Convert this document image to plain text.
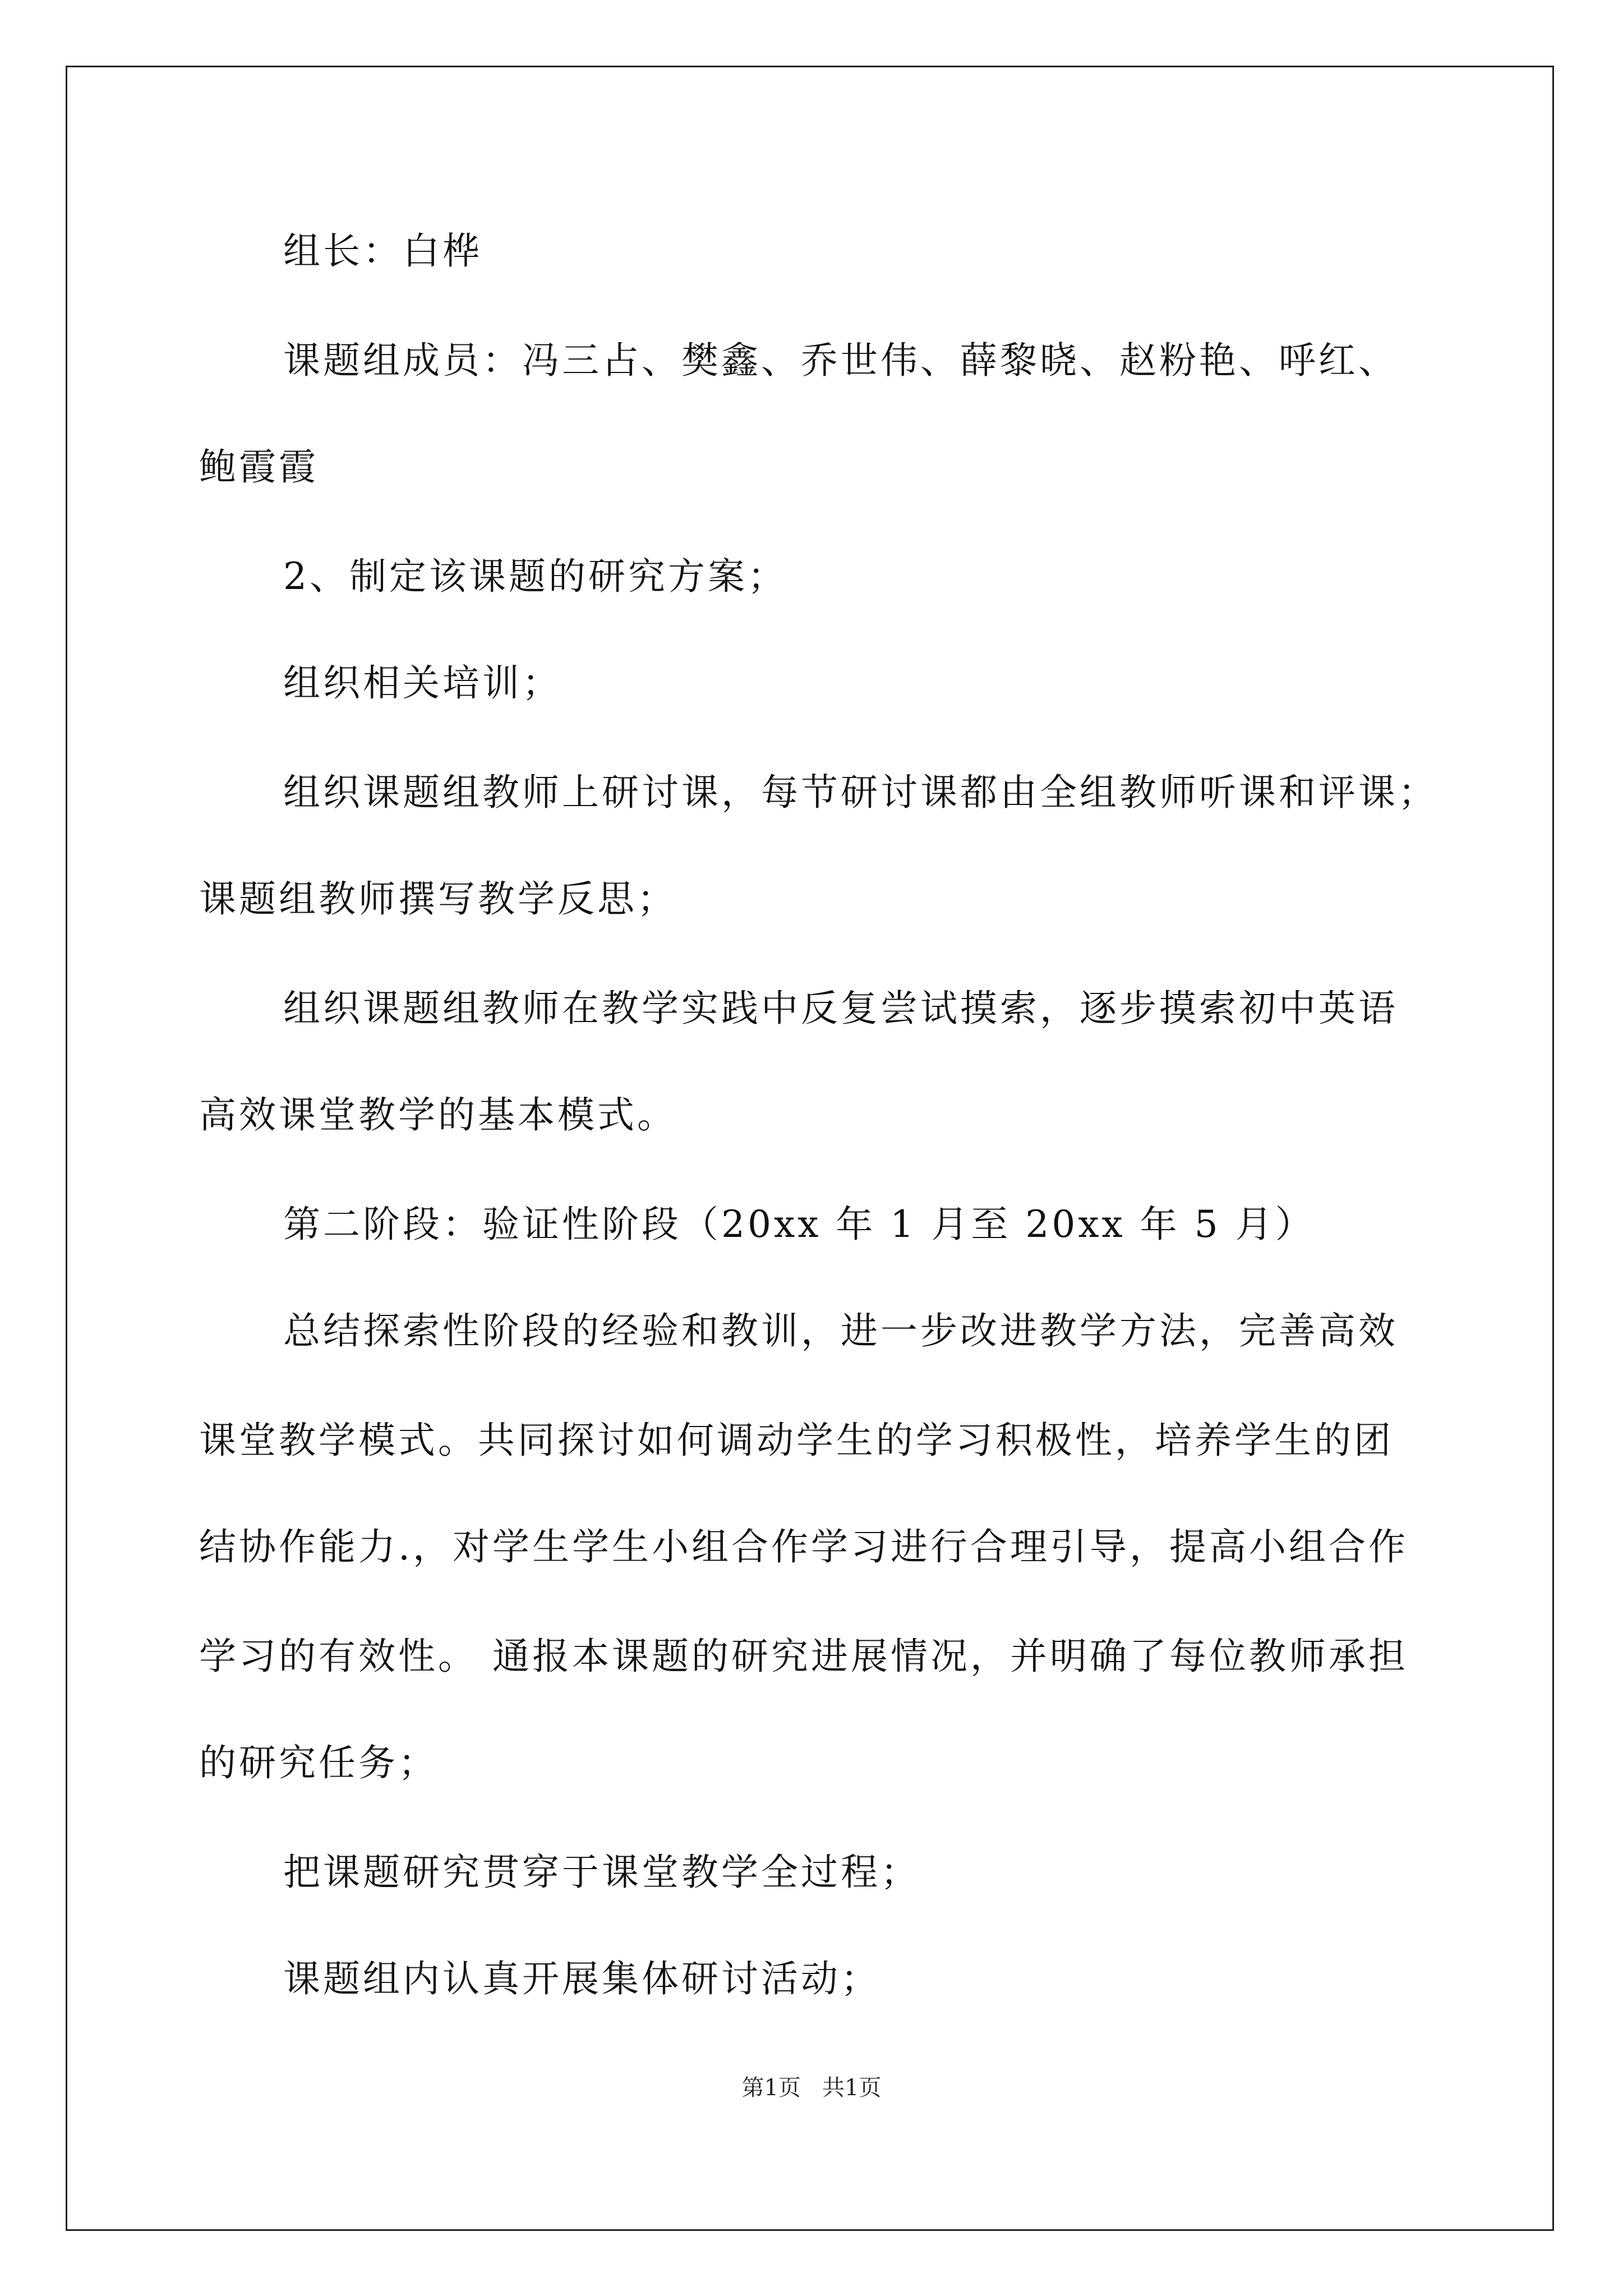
组长：白桦
课题组成员：冯三占、樊鑫、乔世伟、薛黎晓、赵粉艳、呼红、
鲍霞霞
2、制定该课题的研究方案；
组织相关培训；
组织课题组教师上研讨课，每节研讨课都由全组教师听课和评课；
课题组教师撰写教学反思；
组织课题组教师在教学实践中反复尝试摸索，逐步摸索初中英语
高效课堂教学的基本模式。
第二阶段：验证性阶段（20xx 年 1 月至 20xx 年 5 月）
总结探索性阶段的经验和教训，进一步改进教学方法，完善高效
课堂教学模式。共同探讨如何调动学生的学习积极性，培养学生的团
结协作能力.，对学生学生小组合作学习进行合理引导，提高小组合作
学习的有效性。 通报本课题的研究进展情况，并明确了每位教师承担
的研究任务；
把课题研究贯穿于课堂教学全过程；
课题组内认真开展集体研讨活动；
第1页   共1页
